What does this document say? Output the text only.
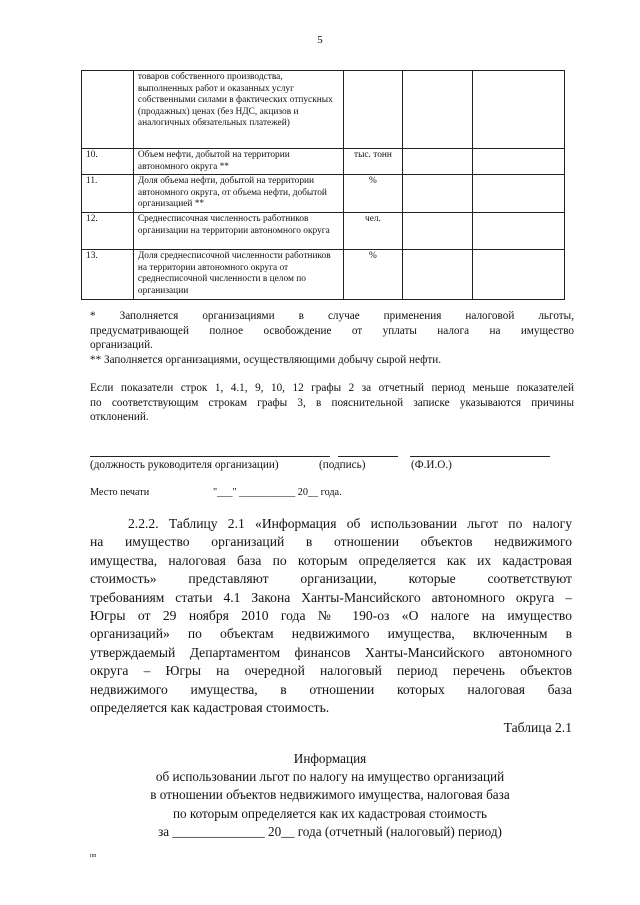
5
	товаров собственного производства, выполненных работ и оказанных услуг собственными силами в фактических отпускных (продажных) ценах (без НДС, акцизов и аналогичных обязательных платежей)			
10.	Объем нефти, добытой на территории автономного округа **	тыс. тонн		
11.	Доля объема нефти, добытой на территории автономного округа, от объема нефти, добытой организацией **	%		
12.	Среднесписочная численность работников организации на территории автономного округа	чел.		
13.	Доля среднесписочной численности работников на территории автономного округа от среднесписочной численности в целом по организации	%		
* Заполняется организациями в случае применения налоговой льготы,
предусматривающей полное освобождение от уплаты налога на имущество
организаций.
** Заполняется организациями, осуществляющими добычу сырой нефти.
Если показатели строк 1, 4.1, 9, 10, 12 графы 2 за отчетный период меньше показателей
по соответствующим строкам графы 3, в пояснительной записке указываются причины
отклонений.
(должность руководителя организации)	(подпись)	(Ф.И.О.)
Место печати	"___" ___________ 20__ года.
2.2.2. Таблицу 2.1 «Информация об использовании льгот по налогу
на имущество организаций в отношении объектов недвижимого
имущества, налоговая база по которым определяется как их кадастровая
стоимость» представляют организации, которые соответствуют
требованиям статьи 4.1 Закона Ханты-Мансийского автономного округа –
Югры от 29 ноября 2010 года № 190-оз «О налоге на имущество
организаций» по объектам недвижимого имущества, включенным в
утверждаемый Департаментом финансов Ханты-Мансийского автономного
округа – Югры на очередной налоговый период перечень объектов
недвижимого имущества, в отношении которых налоговая база
определяется как кадастровая стоимость.
Таблица 2.1
Информация
об использовании льгот по налогу на имущество организаций
в отношении объектов недвижимого имущества, налоговая база
по которым определяется как их кадастровая стоимость
за ______________ 20__ года (отчетный (налоговый) период)
пп
